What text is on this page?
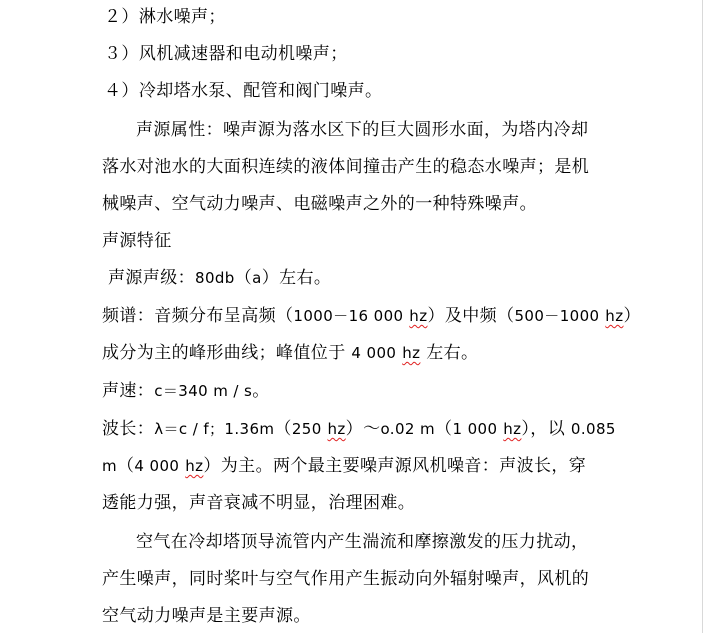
２）淋水噪声；
３）风机减速器和电动机噪声；
４）冷却塔水泵、配管和阀门噪声。
声源属性：噪声源为落水区下的巨大圆形水面，为塔内冷却
落水对池水的大面积连续的液体间撞击产生的稳态水噪声；是机
械噪声、空气动力噪声、电磁噪声之外的一种特殊噪声。
声源特征
声源声级：80db（a）左右。
频谱：音频分布呈高频（1000－16 000 hz）及中频（500－1000 hz）
成分为主的峰形曲线；峰值位于 4 000 hz 左右。
声速：c＝340 m / s。
波长：λ＝c / f；1.36m（250 hz）～o.02 m（1 000 hz），以 0.085
m（4 000 hz）为主。两个最主要噪声源风机噪音：声波长，穿
透能力强，声音衰减不明显，治理困难。
空气在冷却塔顶导流管内产生湍流和摩擦激发的压力扰动，
产生噪声，同时桨叶与空气作用产生振动向外辐射噪声，风机的
空气动力噪声是主要声源。
